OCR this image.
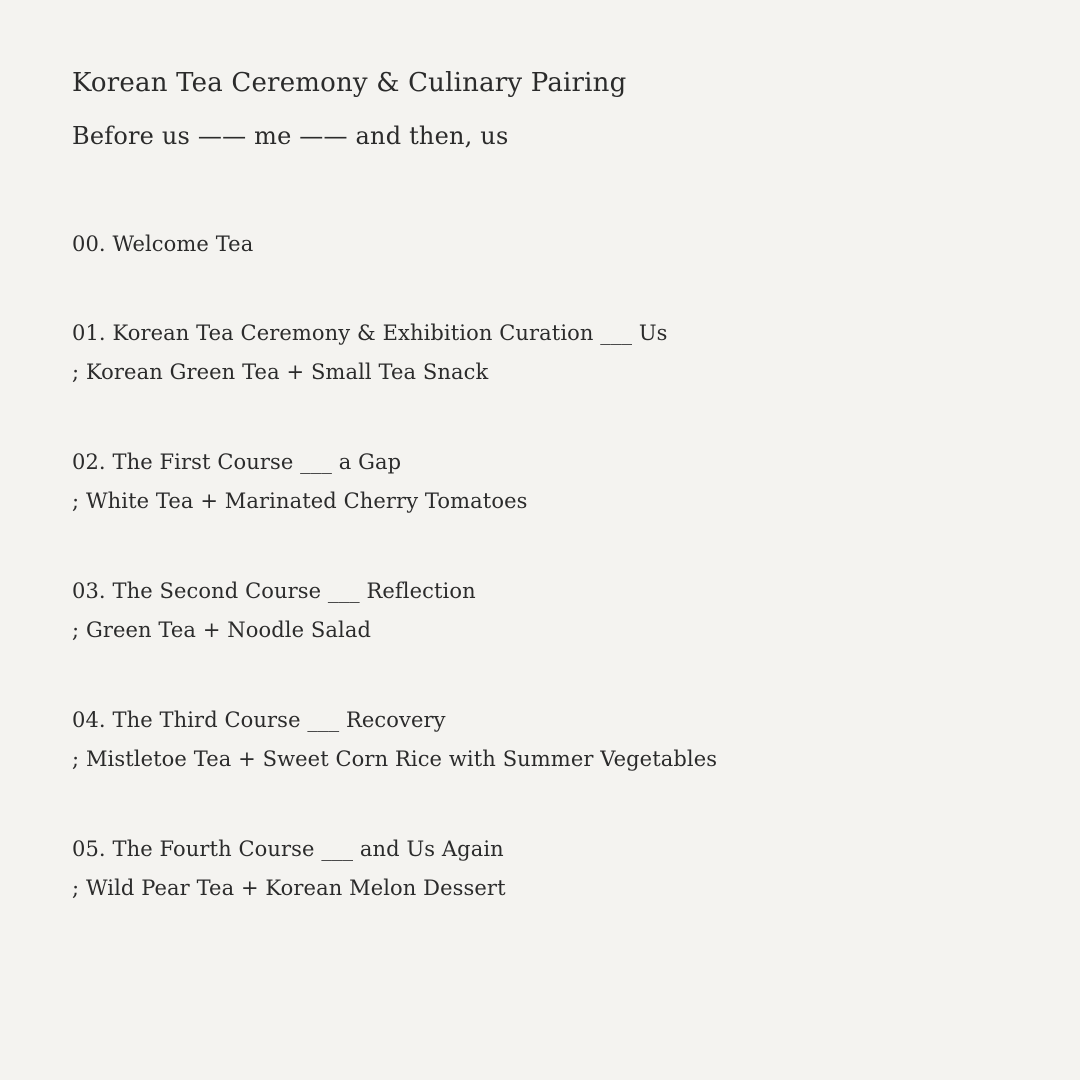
Korean Tea Ceremony & Culinary Pairing
Before us —— me —— and then, us
00. Welcome Tea
01. Korean Tea Ceremony & Exhibition Curation ___ Us
; Korean Green Tea + Small Tea Snack
02. The First Course ___ a Gap
; White Tea + Marinated Cherry Tomatoes
03. The Second Course ___ Reflection
; Green Tea + Noodle Salad
04. The Third Course ___ Recovery
; Mistletoe Tea + Sweet Corn Rice with Summer Vegetables
05. The Fourth Course ___ and Us Again
; Wild Pear Tea + Korean Melon Dessert
